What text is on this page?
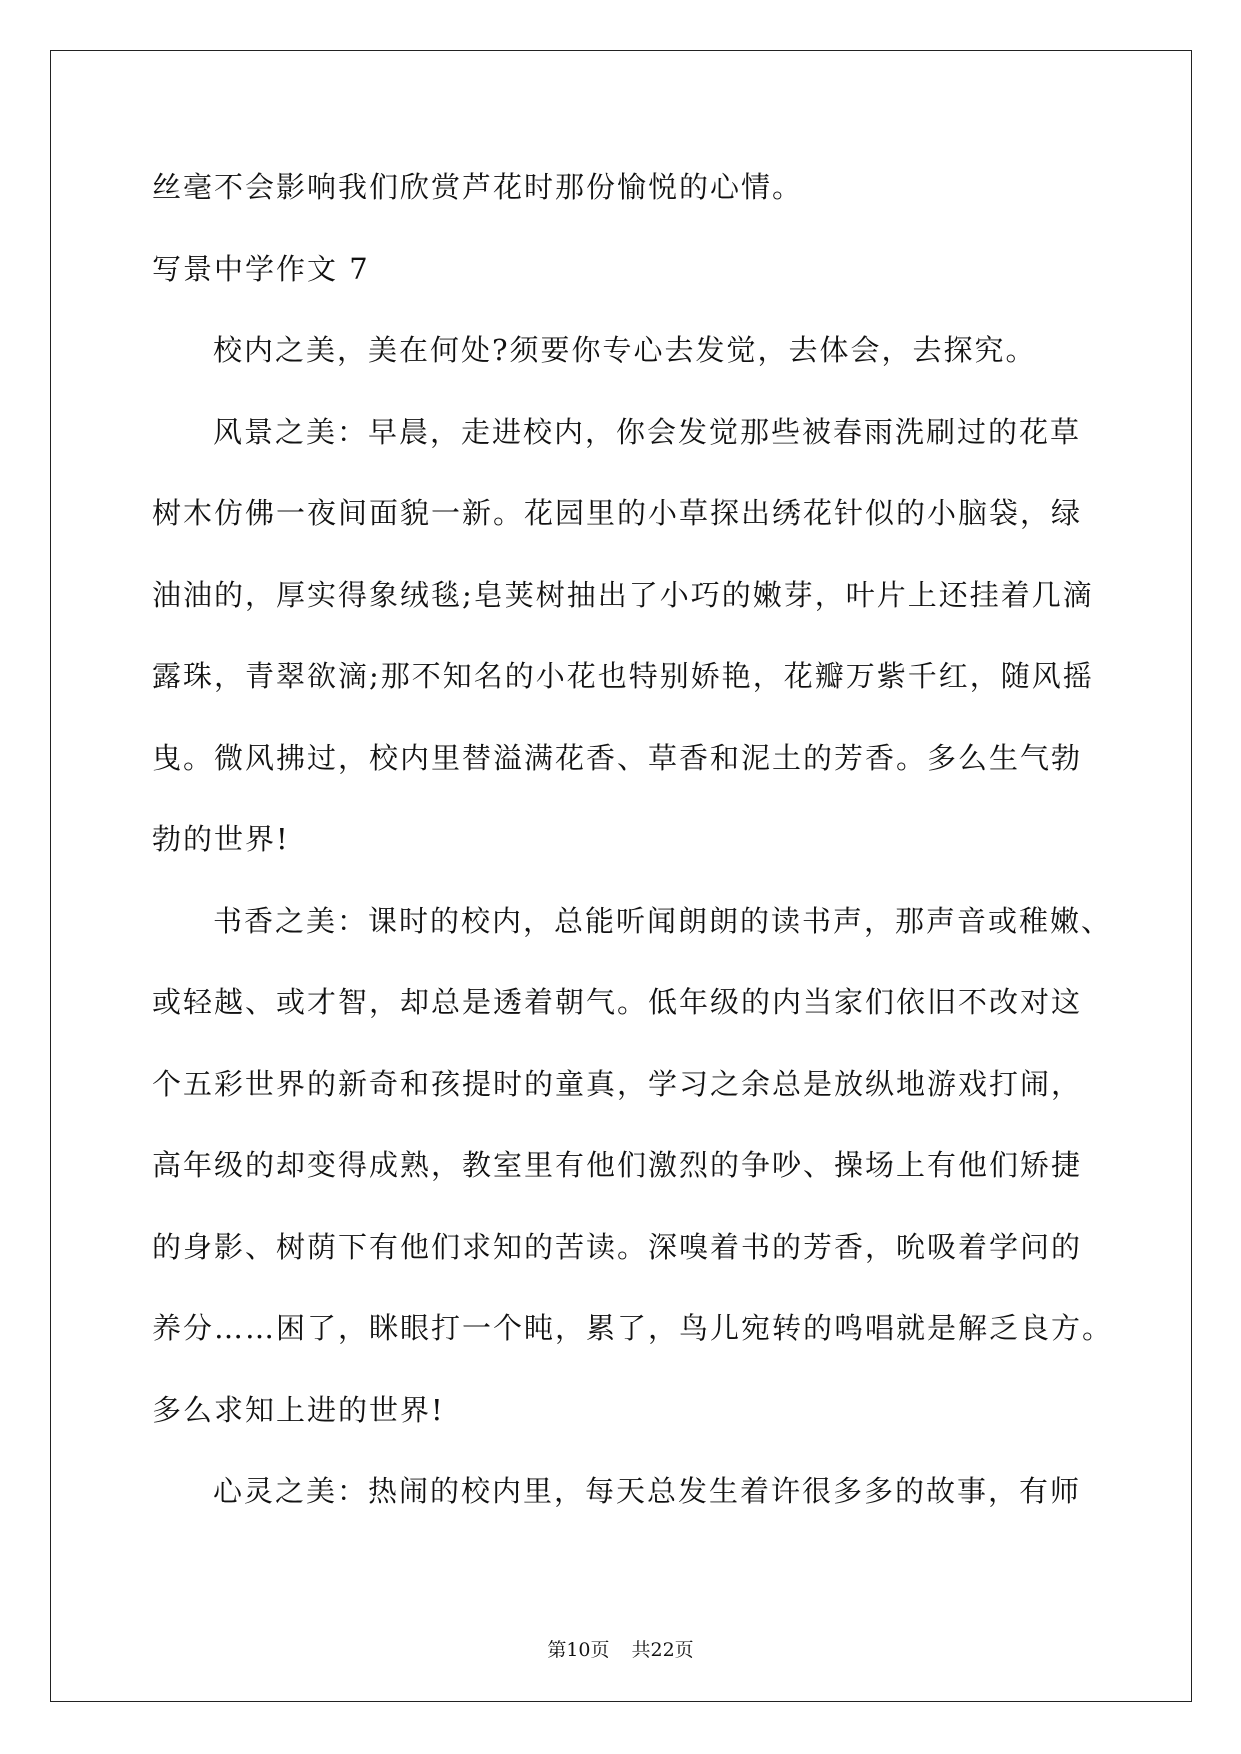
丝毫不会影响我们欣赏芦花时那份愉悦的心情。
写景中学作文 7
校内之美，美在何处?须要你专心去发觉，去体会，去探究。
风景之美：早晨，走进校内，你会发觉那些被春雨洗刷过的花草
树木仿佛一夜间面貌一新。花园里的小草探出绣花针似的小脑袋，绿
油油的，厚实得象绒毯;皂荚树抽出了小巧的嫩芽，叶片上还挂着几滴
露珠，青翠欲滴;那不知名的小花也特别娇艳，花瓣万紫千红，随风摇
曳。微风拂过，校内里替溢满花香、草香和泥土的芳香。多么生气勃
勃的世界!
书香之美：课时的校内，总能听闻朗朗的读书声，那声音或稚嫩、
或轻越、或才智，却总是透着朝气。低年级的内当家们依旧不改对这
个五彩世界的新奇和孩提时的童真，学习之余总是放纵地游戏打闹，
高年级的却变得成熟，教室里有他们激烈的争吵、操场上有他们矫捷
的身影、树荫下有他们求知的苦读。深嗅着书的芳香，吮吸着学问的
养分……困了，眯眼打一个盹，累了，鸟儿宛转的鸣唱就是解乏良方。
多么求知上进的世界!
心灵之美：热闹的校内里，每天总发生着许很多多的故事，有师
第10页 共22页
